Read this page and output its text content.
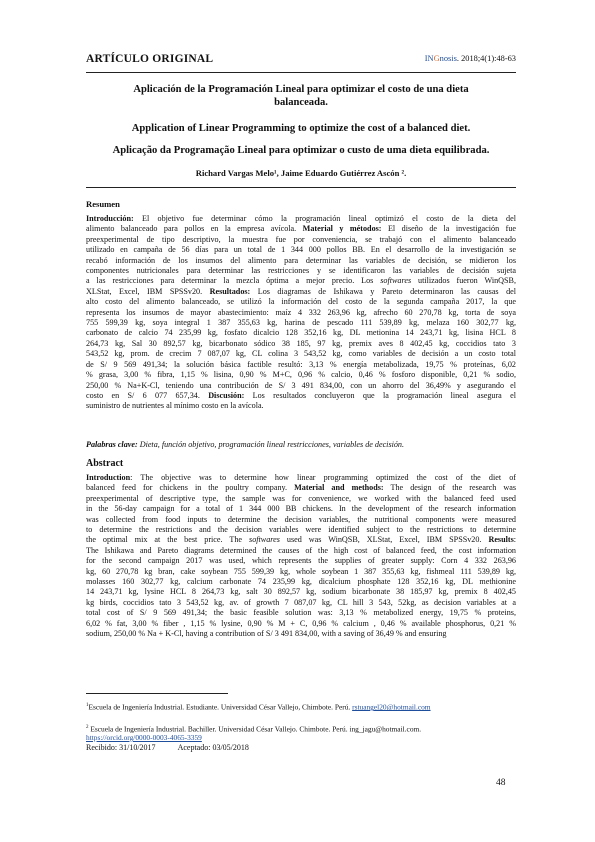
ARTÍCULO ORIGINAL	INGnosis. 2018;4(1):48-63
Aplicación de la Programación Lineal para optimizar el costo de una dieta balanceada.
Application of Linear Programming to optimize the cost of a balanced diet.
Aplicação da Programação Lineal para optimizar o custo de uma dieta equilibrada.
Richard Vargas Melo¹, Jaime Eduardo Gutiérrez Ascón ².
Resumen
Introducción: El objetivo fue determinar cómo la programación lineal optimizó el costo de la dieta del
alimento balanceado para pollos en la empresa avícola. Material y métodos: El diseño de la investigación fue
preexperimental de tipo descriptivo, la muestra fue por conveniencia, se trabajó con el alimento balanceado
utilizado en campaña de 56 días para un total de 1 344 000 pollos BB. En el desarrollo de la investigación se
recabó información de los insumos del alimento para determinar las variables de decisión, se midieron los
componentes nutricionales para determinar las restricciones y se identificaron las variables de decisión sujeta
a las restricciones para determinar la mezcla óptima a mejor precio. Los softwares utilizados fueron WinQSB,
XLStat, Excel, IBM SPSSv20. Resultados: Los diagramas de Ishikawa y Pareto determinaron las causas del
alto costo del alimento balanceado, se utilizó la información del costo de la segunda campaña 2017, la que
representa los insumos de mayor abastecimiento: maíz 4 332 263,96 kg, afrecho 60 270,78 kg, torta de soya
755 599,39 kg, soya integral 1 387 355,63 kg, harina de pescado 111 539,89 kg, melaza 160 302,77 kg,
carbonato de calcio 74 235,99 kg, fosfato dicalcio 128 352,16 kg, DL metionina 14 243,71 kg, lisina HCL 8
264,73 kg, Sal 30 892,57 kg, bicarbonato sódico 38 185, 97 kg, premix aves 8 402,45 kg, coccidios tato 3
543,52 kg, prom. de crecim 7 087,07 kg, CL colina 3 543,52 kg, como variables de decisión a un costo total
de S/ 9 569 491,34; la solución básica factible resultó: 3,13 % energía metabolizada, 19,75 % proteínas, 6,02
% grasa, 3,00 % fibra, 1,15 % lisina, 0,90 % M+C, 0,96 % calcio, 0,46 % fosforo disponible, 0,21 % sodio,
250,00 % Na+K-Cl, teniendo una contribución de S/ 3 491 834,00, con un ahorro del 36,49% y asegurando el
costo en S/ 6 077 657,34. Discusión: Los resultados concluyeron que la programación lineal asegura el
suministro de nutrientes al mínimo costo en la avícola.
Palabras clave: Dieta, función objetivo, programación lineal restricciones, variables de decisión.
Abstract
Introduction: The objective was to determine how linear programming optimized the cost of the diet of
balanced feed for chickens in the poultry company. Material and methods: The design of the research was
preexperimental of descriptive type, the sample was for convenience, we worked with the balanced feed used
in the 56-day campaign for a total of 1 344 000 BB chickens. In the development of the research information
was collected from food inputs to determine the decision variables, the nutritional components were measured
to determine the restrictions and the decision variables were identified subject to the restrictions to determine
the optimal mix at the best price. The softwares used was WinQSB, XLStat, Excel, IBM SPSSv20. Results:
The Ishikawa and Pareto diagrams determined the causes of the high cost of balanced feed, the cost information
for the second campaign 2017 was used, which represents the supplies of greater supply: Corn 4 332 263,96
kg, 60 270,78 kg bran, cake soybean 755 599,39 kg, whole soybean 1 387 355,63 kg, fishmeal 111 539,89 kg,
molasses 160 302,77 kg, calcium carbonate 74 235,99 kg, dicalcium phosphate 128 352,16 kg, DL methionine
14 243,71 kg, lysine HCL 8 264,73 kg, salt 30 892,57 kg, sodium bicarbonate 38 185,97 kg, premix 8 402,45
kg birds, coccidios tato 3 543,52 kg, av. of growth 7 087,07 kg, CL hill 3 543, 52kg, as decision variables at a
total cost of S/ 9 569 491,34; the basic feasible solution was: 3,13 % metabolized energy, 19,75 % proteins,
6,02 % fat, 3,00 % fiber , 1,15 % lysine, 0,90 % M + C, 0,96 % calcium , 0,46 % available phosphorus, 0,21 %
sodium, 250,00 % Na + K-Cl, having a contribution of S/ 3 491 834,00, with a saving of 36,49 % and ensuring
$^1$Escuela de Ingeniería Industrial. Estudiante. Universidad César Vallejo, Chimbote. Perú. rstuangel20@hotmail.com
$^2$ Escuela de Ingeniería Industrial. Bachiller. Universidad César Vallejo. Chimbote. Perú. ing_jagu@hotmail.com.
https://orcid.org/0000-0003-4065-3359
Recibido: 31/10/2017	Aceptado: 03/05/2018
48
